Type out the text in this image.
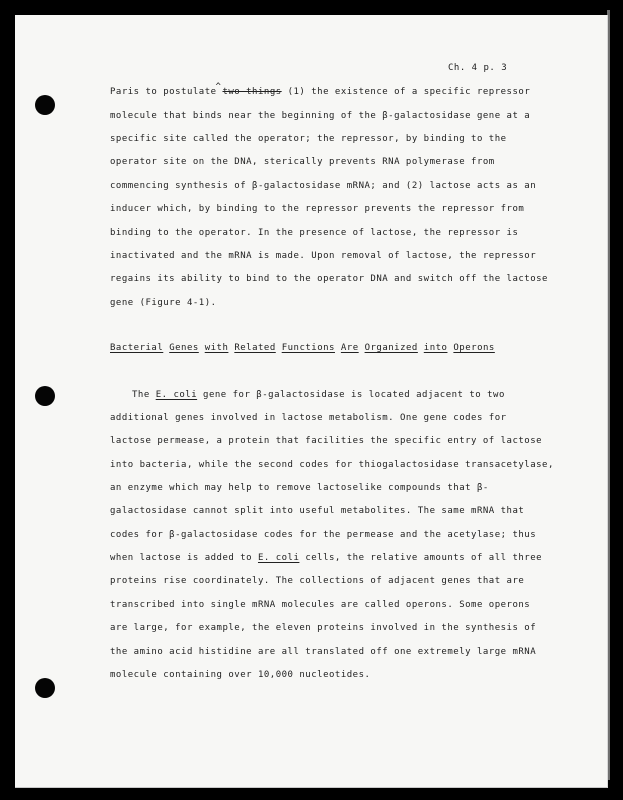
Ch. 4 p. 3
Paris to postulate ^ two things (1) the existence of a specific repressor
molecule that binds near the beginning of the β-galactosidase gene at a
specific site called the operator; the repressor, by binding to the
operator site on the DNA, sterically prevents RNA polymerase from
commencing synthesis of β-galactosidase mRNA; and (2) lactose acts as an
inducer which, by binding to the repressor prevents the repressor from
binding to the operator. In the presence of lactose, the repressor is
inactivated and the mRNA is made. Upon removal of lactose, the repressor
regains its ability to bind to the operator DNA and switch off the lactose
gene (Figure 4-1).
Bacterial Genes with Related Functions Are Organized into Operons
The E. coli gene for β-galactosidase is located adjacent to two
additional genes involved in lactose metabolism. One gene codes for
lactose permease, a protein that facilities the specific entry of lactose
into bacteria, while the second codes for thiogalactosidase transacetylase,
an enzyme which may help to remove lactoselike compounds that β-
galactosidase cannot split into useful metabolites. The same mRNA that
codes for β-galactosidase codes for the permease and the acetylase; thus
when lactose is added to E. coli cells, the relative amounts of all three
proteins rise coordinately. The collections of adjacent genes that are
transcribed into single mRNA molecules are called operons. Some operons
are large, for example, the eleven proteins involved in the synthesis of
the amino acid histidine are all translated off one extremely large mRNA
molecule containing over 10,000 nucleotides.
